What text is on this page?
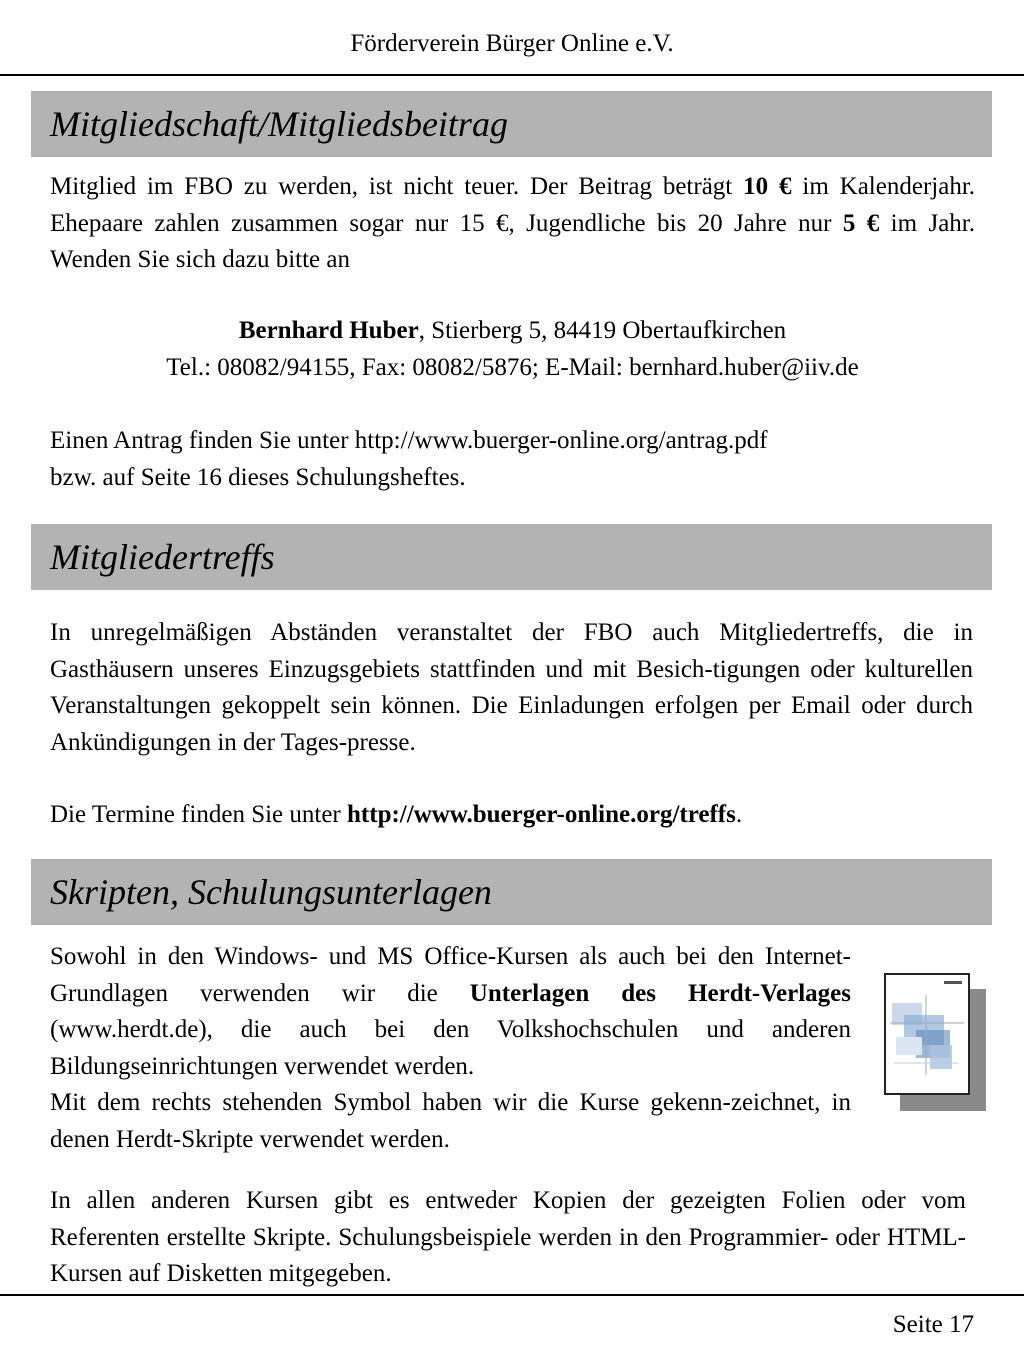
Förderverein Bürger Online e.V.
Mitgliedschaft/Mitgliedsbeitrag
Mitglied im FBO zu werden, ist nicht teuer. Der Beitrag beträgt 10 € im Kalenderjahr. Ehepaare zahlen zusammen sogar nur 15 €, Jugendliche bis 20 Jahre nur 5 € im Jahr. Wenden Sie sich dazu bitte an
Bernhard Huber, Stierberg 5, 84419 Obertaufkirchen
Tel.: 08082/94155, Fax: 08082/5876; E-Mail: bernhard.huber@iiv.de
Einen Antrag finden Sie unter http://www.buerger-online.org/antrag.pdf
bzw. auf Seite 16 dieses Schulungsheftes.
Mitgliedertreffs
In unregelmäßigen Abständen veranstaltet der FBO auch Mitgliedertreffs, die in Gasthäusern unseres Einzugsgebiets stattfinden und mit Besich-tigungen oder kulturellen Veranstaltungen gekoppelt sein können. Die Einladungen erfolgen per Email oder durch Ankündigungen in der Tages-presse.
Die Termine finden Sie unter http://www.buerger-online.org/treffs.
Skripten, Schulungsunterlagen
Sowohl in den Windows- und MS Office-Kursen als auch bei den Internet-Grundlagen verwenden wir die Unterlagen des Herdt-Verlages (www.herdt.de), die auch bei den Volkshochschulen und anderen Bildungseinrichtungen verwendet werden.
Mit dem rechts stehenden Symbol haben wir die Kurse gekenn-zeichnet, in denen Herdt-Skripte verwendet werden.
In allen anderen Kursen gibt es entweder Kopien der gezeigten Folien oder vom Referenten erstellte Skripte. Schulungsbeispiele werden in den Programmier- oder HTML-Kursen auf Disketten mitgegeben.
Seite 17
